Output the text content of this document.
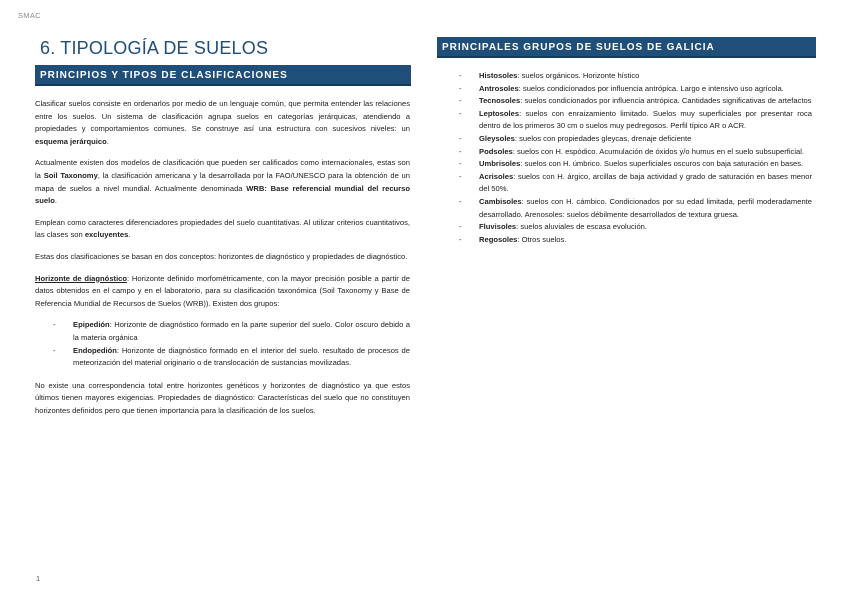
SMAC
6. TIPOLOGÍA DE SUELOS
PRINCIPIOS Y TIPOS DE CLASIFICACIONES

Clasificar suelos consiste en ordenarlos por medio de un lenguaje común, que permita entender las relaciones entre los suelos. Un sistema de clasificación agrupa suelos en categorías jerárquicas, atendiendo a propiedades y comportamientos comunes. Se construye así una estructura con sucesivos niveles: un esquema jerárquico.

Actualmente existen dos modelos de clasificación que pueden ser calificados como internacionales, estas son la Soil Taxonomy, la clasificación americana y la desarrollada por la FAO/UNESCO para la obtención de un mapa de suelos a nivel mundial. Actualmente denominada WRB: Base referencial mundial del recurso suelo.

Emplean como caracteres diferenciadores propiedades del suelo cuantitativas. Al utilizar criterios cuantitativos, las clases son excluyentes.

Estas dos clasificaciones se basan en dos conceptos: horizontes de diagnóstico y propiedades de diagnóstico.

Horizonte de diagnóstico: Horizonte definido morfométricamente, con la mayor precisión posible a partir de datos obtenidos en el campo y en el laboratorio, para su clasificación taxonómica (Soil Taxonomy y Base de Referencia Mundial de Recursos de Suelos (WRB)). Existen dos grupos:

- Epipedión: Horizonte de diagnóstico formado en la parte superior del suelo. Color oscuro debido a la materia orgánica
- Endopedión: Horizonte de diagnóstico formado en el interior del suelo. resultado de procesos de meteorización del material originario o de translocación de sustancias movilizadas.

No existe una correspondencia total entre horizontes genéticos y horizontes de diagnóstico ya que estos últimos tienen mayores exigencias. Propiedades de diagnóstico: Características del suelo que no constituyen horizontes definidos pero que tienen importancia para la clasificación de los suelos.

PRINCIPALES GRUPOS DE SUELOS DE GALICIA
- Histosoles: suelos orgánicos. Horizonte hístico
- Antrosoles: suelos condicionados por influencia antrópica. Largo e intensivo uso agrícola.
- Tecnosoles: suelos condicionados por influencia antrópica. Cantidades significativas de artefactos
- Leptosoles: suelos con enraizamiento limitado. Suelos muy superficiales por presentar roca dentro de los primeros 30 cm o suelos muy pedregosos. Perfil típico AR o ACR.
- Gleysoles: suelos con propiedades gleycas, drenaje deficiente
- Podsoles: suelos con H. espódico. Acumulación de óxidos y/o humus en el suelo subsuperficial.
- Umbrisoles: suelos con H. úmbrico. Suelos superficiales oscuros con baja saturación en bases.
- Acrisoles: suelos con H. árgico, arcillas de baja actividad y grado de saturación en bases menor del 50%.
- Cambisoles: suelos con H. cámbico. Condicionados por su edad limitada, perfil moderadamente desarrollado. Arenosoles: suelos débilmente desarrollados de textura gruesa.
- Fluvisoles: suelos aluviales de escasa evolución.
- Regosoles: Otros suelos.
1
